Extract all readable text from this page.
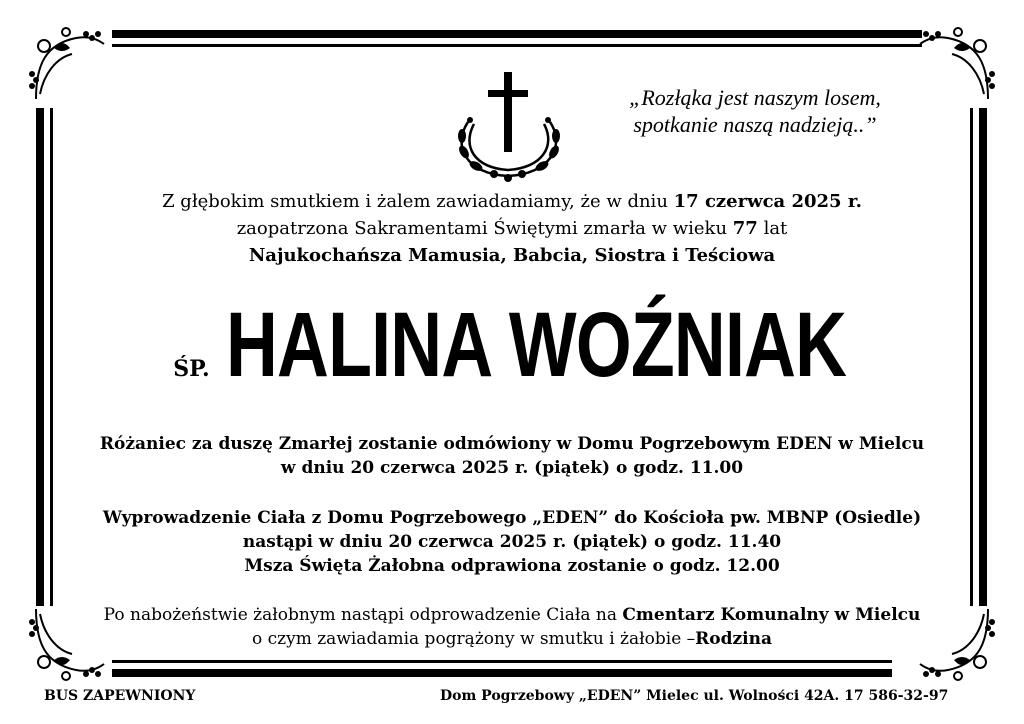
„Rozłąka jest naszym losem,
spotkanie naszą nadzieją..”
Z głębokim smutkiem i żalem zawiadamiamy, że w dniu 17 czerwca 2025 r.
zaopatrzona Sakramentami Świętymi zmarła w wieku 77 lat
Najukochańsza Mamusia, Babcia, Siostra i Teściowa
ŚP. HALINA WOŹNIAK
Różaniec za duszę Zmarłej zostanie odmówiony w Domu Pogrzebowym EDEN w Mielcu
w dniu 20 czerwca 2025 r. (piątek) o godz. 11.00
Wyprowadzenie Ciała z Domu Pogrzebowego „EDEN” do Kościoła pw. MBNP (Osiedle)
nastąpi w dniu 20 czerwca 2025 r. (piątek) o godz. 11.40
Msza Święta Żałobna odprawiona zostanie o godz. 12.00
Po nabożeństwie żałobnym nastąpi odprowadzenie Ciała na Cmentarz Komunalny w Mielcu
o czym zawiadamia pogrążony w smutku i żałobie –Rodzina
BUS ZAPEWNIONY	Dom Pogrzebowy „EDEN” Mielec ul. Wolności 42A. 17 586-32-97
